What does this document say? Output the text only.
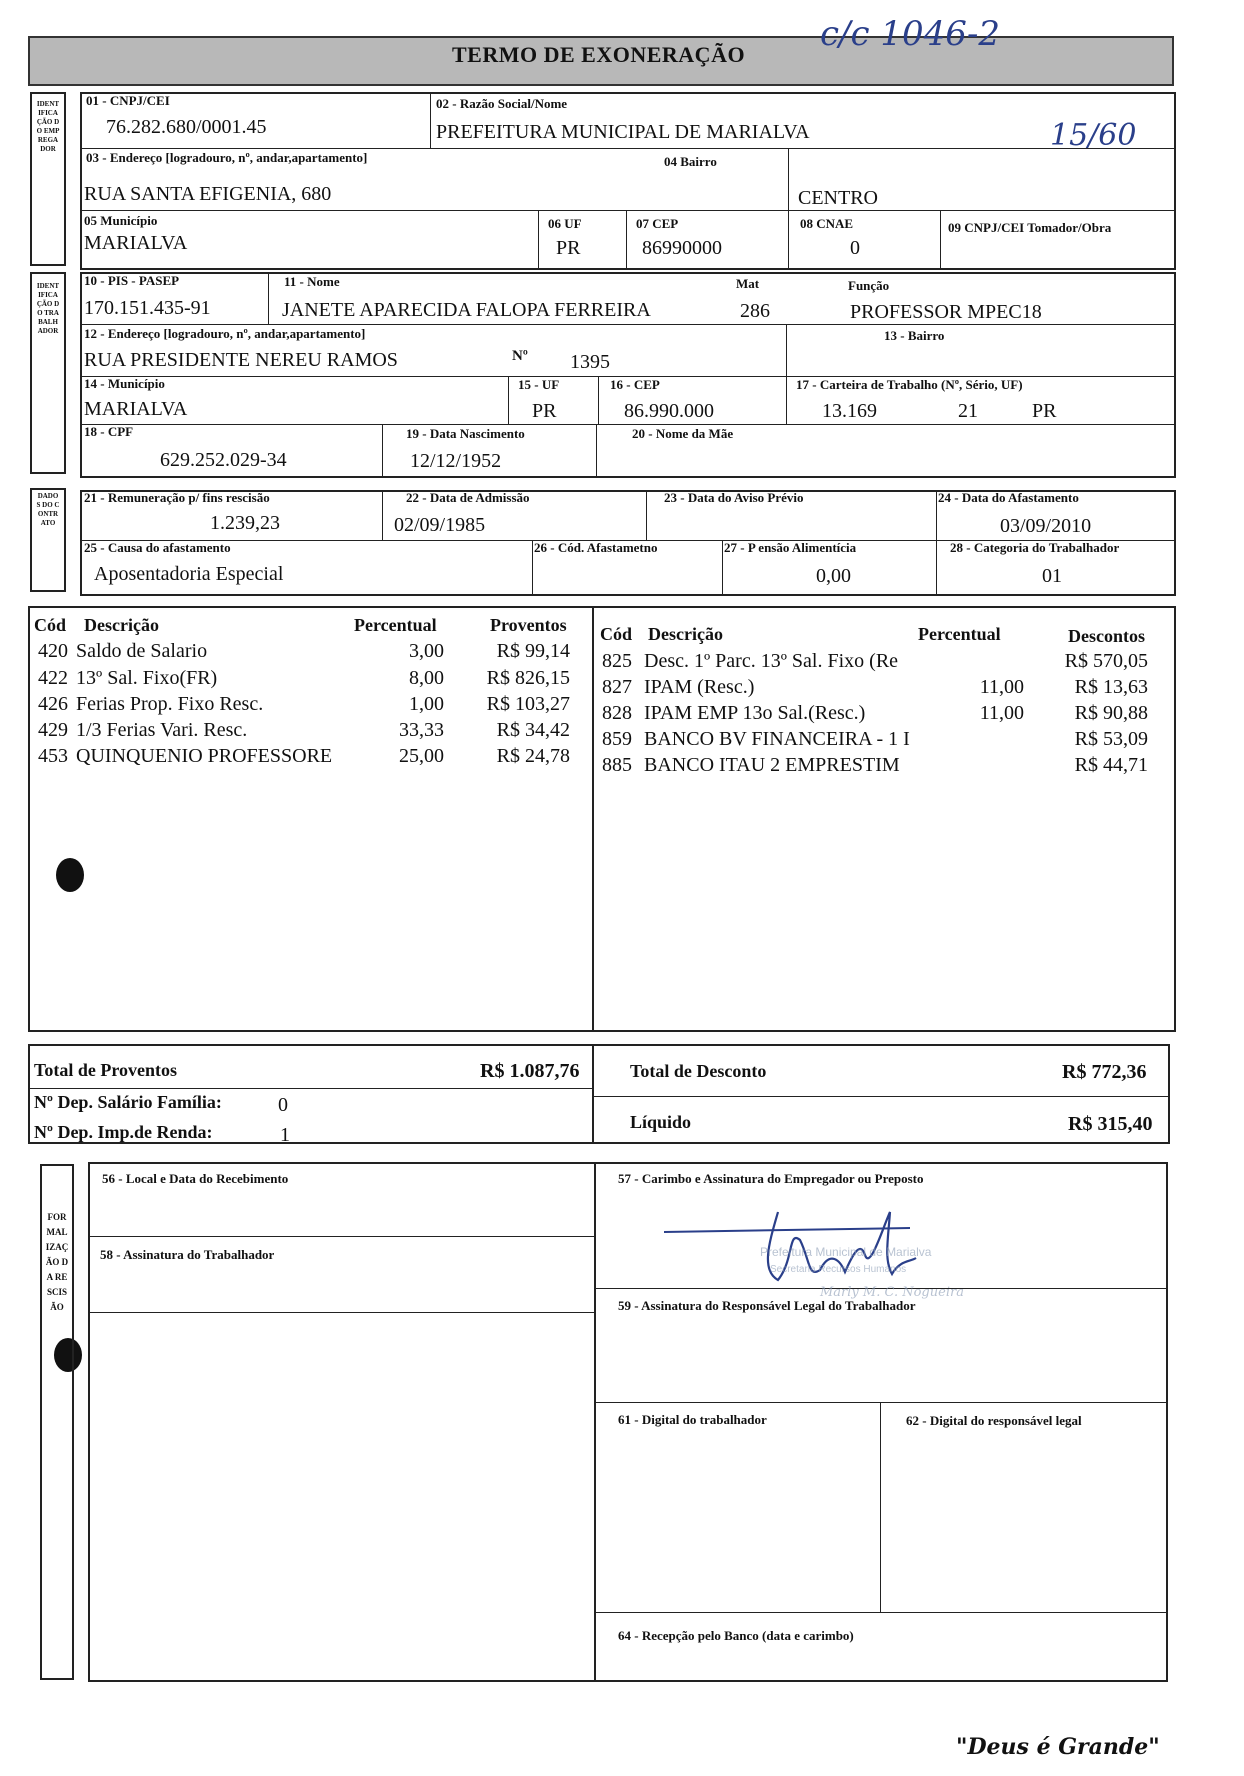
TERMO DE EXONERAÇÃO
c/c 1046-2
IDENTIFICAÇÃO DO EMPREGADOR
01 - CNPJ/CEI
76.282.680/0001.45
02 - Razão Social/Nome
PREFEITURA MUNICIPAL DE MARIALVA	15/60
03 - Endereço [logradouro, nº, andar,apartamento]
RUA SANTA EFIGENIA, 680
04 Bairro
CENTRO
05 Município
MARIALVA
06 UF
PR
07 CEP
86990000
08 CNAE
0
09 CNPJ/CEI Tomador/Obra
IDENTIFICAÇÃO DO TRABALHADOR
10 - PIS - PASEP
170.151.435-91
11 - Nome
JANETE APARECIDA FALOPA FERREIRA
Mat
286
Função
PROFESSOR MPEC18
12 - Endereço [logradouro, nº, andar,apartamento]
RUA PRESIDENTE NEREU RAMOS	Nº 1395
13 - Bairro
14 - Município
MARIALVA
15 - UF
PR
16 - CEP
86.990.000
17 - Carteira de Trabalho (Nº, Sério, UF)
13.169	21	PR
18 - CPF
629.252.029-34
19 - Data Nascimento
12/12/1952
20 - Nome da Mãe
DADOS DO CONTRATO
21 - Remuneração p/ fins rescisão
1.239,23
22 - Data de Admissão
02/09/1985
23 - Data do Aviso Prévio	24 - Data do Afastamento
03/09/2010
25 - Causa do afastamento
Aposentadoria Especial
26 - Cód. Afastametno	27 - P ensão Alimentícia
0,00
28 - Categoria do Trabalhador
01
Cód Descrição	Percentual	Proventos
420 Saldo de Salario	3,00	R$ 99,14
422 13º Sal. Fixo(FR)	8,00	R$ 826,15
426 Ferias Prop. Fixo Resc.	1,00	R$ 103,27
429 1/3 Ferias Vari. Resc.	33,33	R$ 34,42
453 QUINQUENIO PROFESSORE	25,00	R$ 24,78
Cód Descrição	Percentual	Descontos
825 Desc. 1º Parc. 13º Sal. Fixo (Re	R$ 570,05
827 IPAM (Resc.)	11,00	R$ 13,63
828 IPAM EMP 13o Sal.(Resc.)	11,00	R$ 90,88
859 BANCO BV FINANCEIRA - 1 I	R$ 53,09
885 BANCO ITAU 2 EMPRESTIM	R$ 44,71
Total de Proventos	R$ 1.087,76	Total de Desconto	R$ 772,36
Nº Dep. Salário Família:	0
Nº Dep. Imp.de Renda:	1
Líquido	R$ 315,40
FORMALIZAÇÃO DA RESCISÃO
56 - Local e Data do Recebimento	57 - Carimbo e Assinatura do Empregador ou Preposto
58 - Assinatura do Trabalhador
59 - Assinatura do Responsável Legal do Trabalhador
61 - Digital do trabalhador	62 - Digital do responsável legal
64 - Recepção pelo Banco (data e carimbo)
Prefeitura Municipal de Marialva
Secretaria Recursos Humanos
Marly M. C. Nogueira
"Deus é Grande"
